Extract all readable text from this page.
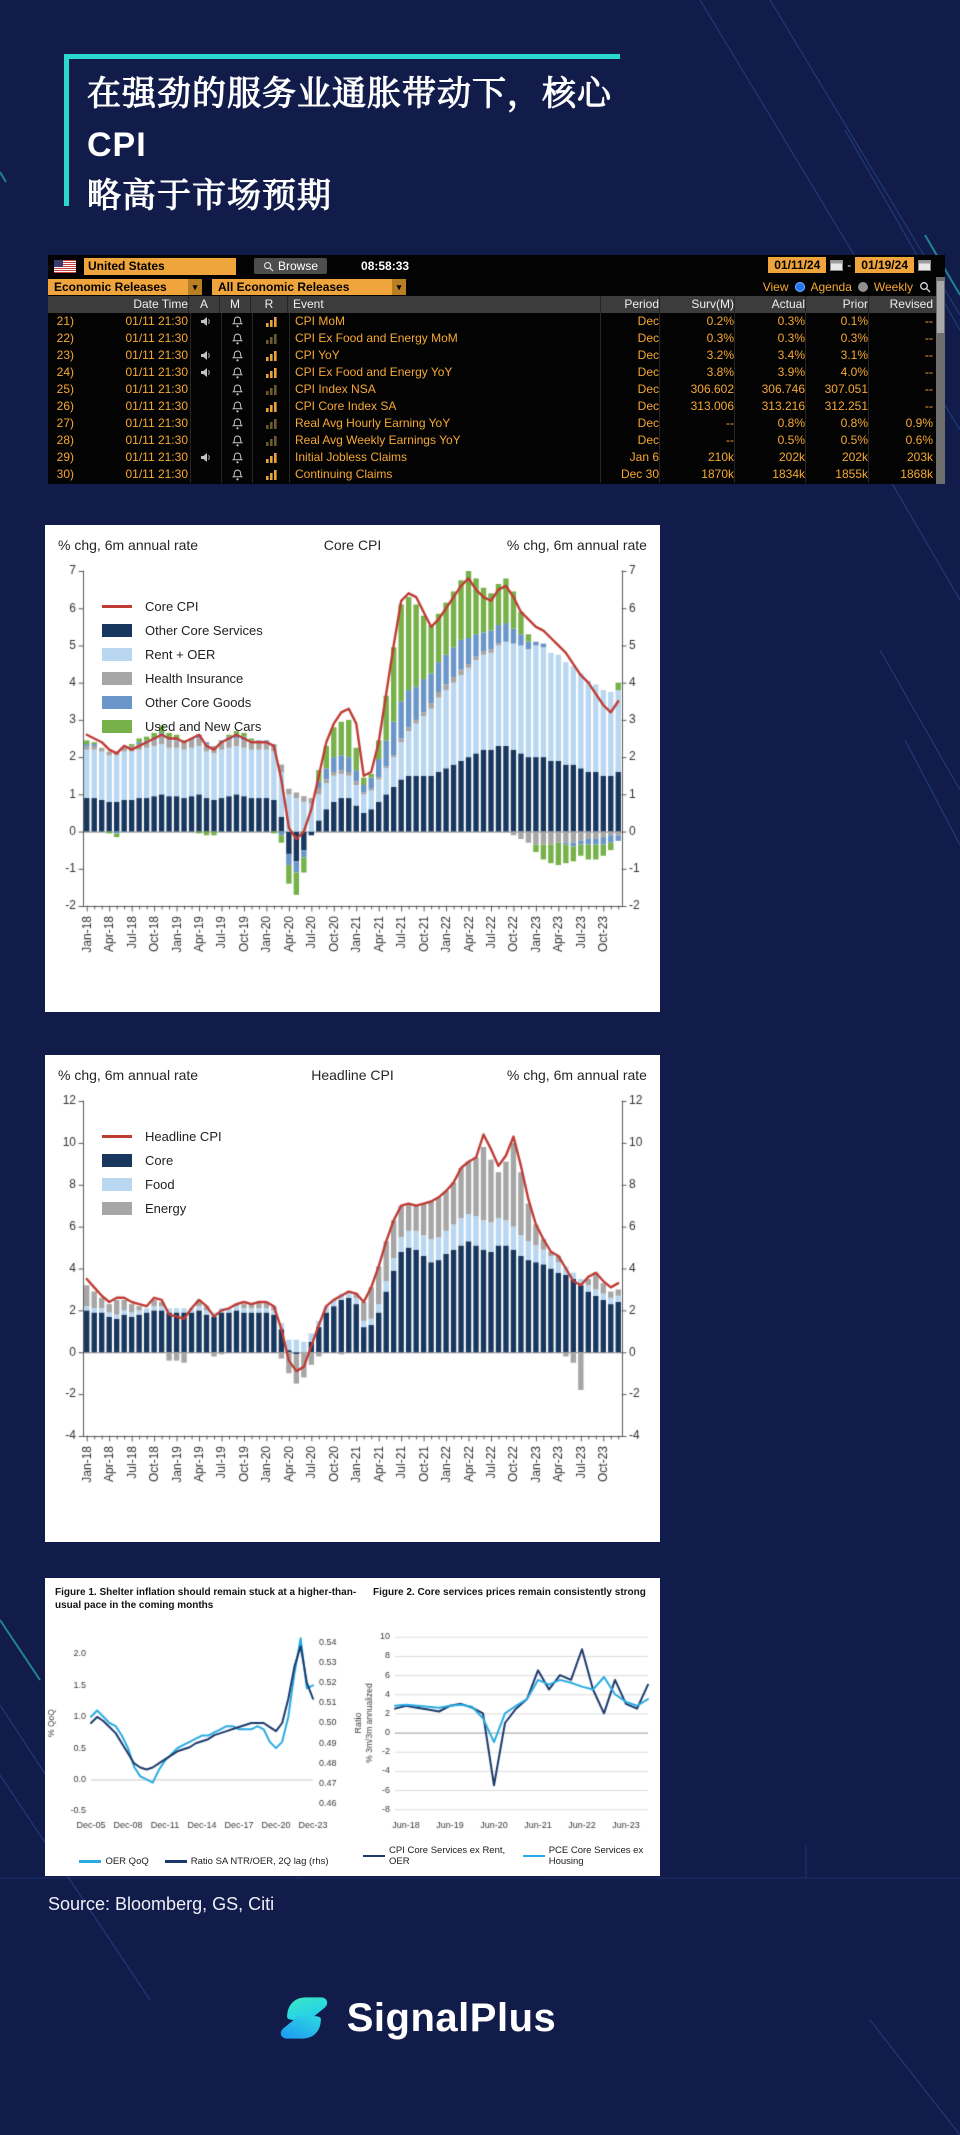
在强劲的服务业通胀带动下，核心 CPI
略高于市场预期
United States	Browse	08:58:33	01/11/24	- 01/19/24
Economic Releases	▾	All Economic Releases	▾	View Agenda Weekly
Date Time A	M	R	Event	Period	Surv(M)	Actual	Prior	Revised
21)	01/11 21:30	CPI MoM	Dec	0.2%	0.3%	0.1%	--
22)	01/11 21:30	CPI Ex Food and Energy MoM	Dec	0.3%	0.3%	0.3%	--
23)	01/11 21:30	CPI YoY	Dec	3.2%	3.4%	3.1%	--
24)	01/11 21:30	CPI Ex Food and Energy YoY	Dec	3.8%	3.9%	4.0%	--
25)	01/11 21:30	CPI Index NSA	Dec	306.602	306.746	307.051	--
26)	01/11 21:30	CPI Core Index SA	Dec	313.006	313.216	312.251	--
27)	01/11 21:30	Real Avg Hourly Earning YoY	Dec	--	0.8%	0.8%	0.9%
28)	01/11 21:30	Real Avg Weekly Earnings YoY	Dec	--	0.5%	0.5%	0.6%
29)	01/11 21:30	Initial Jobless Claims	Jan 6	210k	202k	202k	203k
30)	01/11 21:30	Continuing Claims	Dec 30	1870k	1834k	1855k	1868k
% chg, 6m annual rate	Core CPI	% chg, 6m annual rate
Core CPI
Other Core Services
Rent + OER
Health Insurance
Other Core Goods
Used and New Cars
% chg, 6m annual rate	Headline CPI	% chg, 6m annual rate
Headline CPI
Core
Food
Energy
Figure 1. Shelter inflation should remain stuck at a higher-than-usual pace in the coming months
OER QoQ	Ratio SA NTR/OER, 2Q lag (rhs)
Figure 2. Core services prices remain consistently strong
CPI Core Services ex Rent, OER
PCE Core Services ex Housing
Source: Bloomberg, GS, Citi
SignalPlus
